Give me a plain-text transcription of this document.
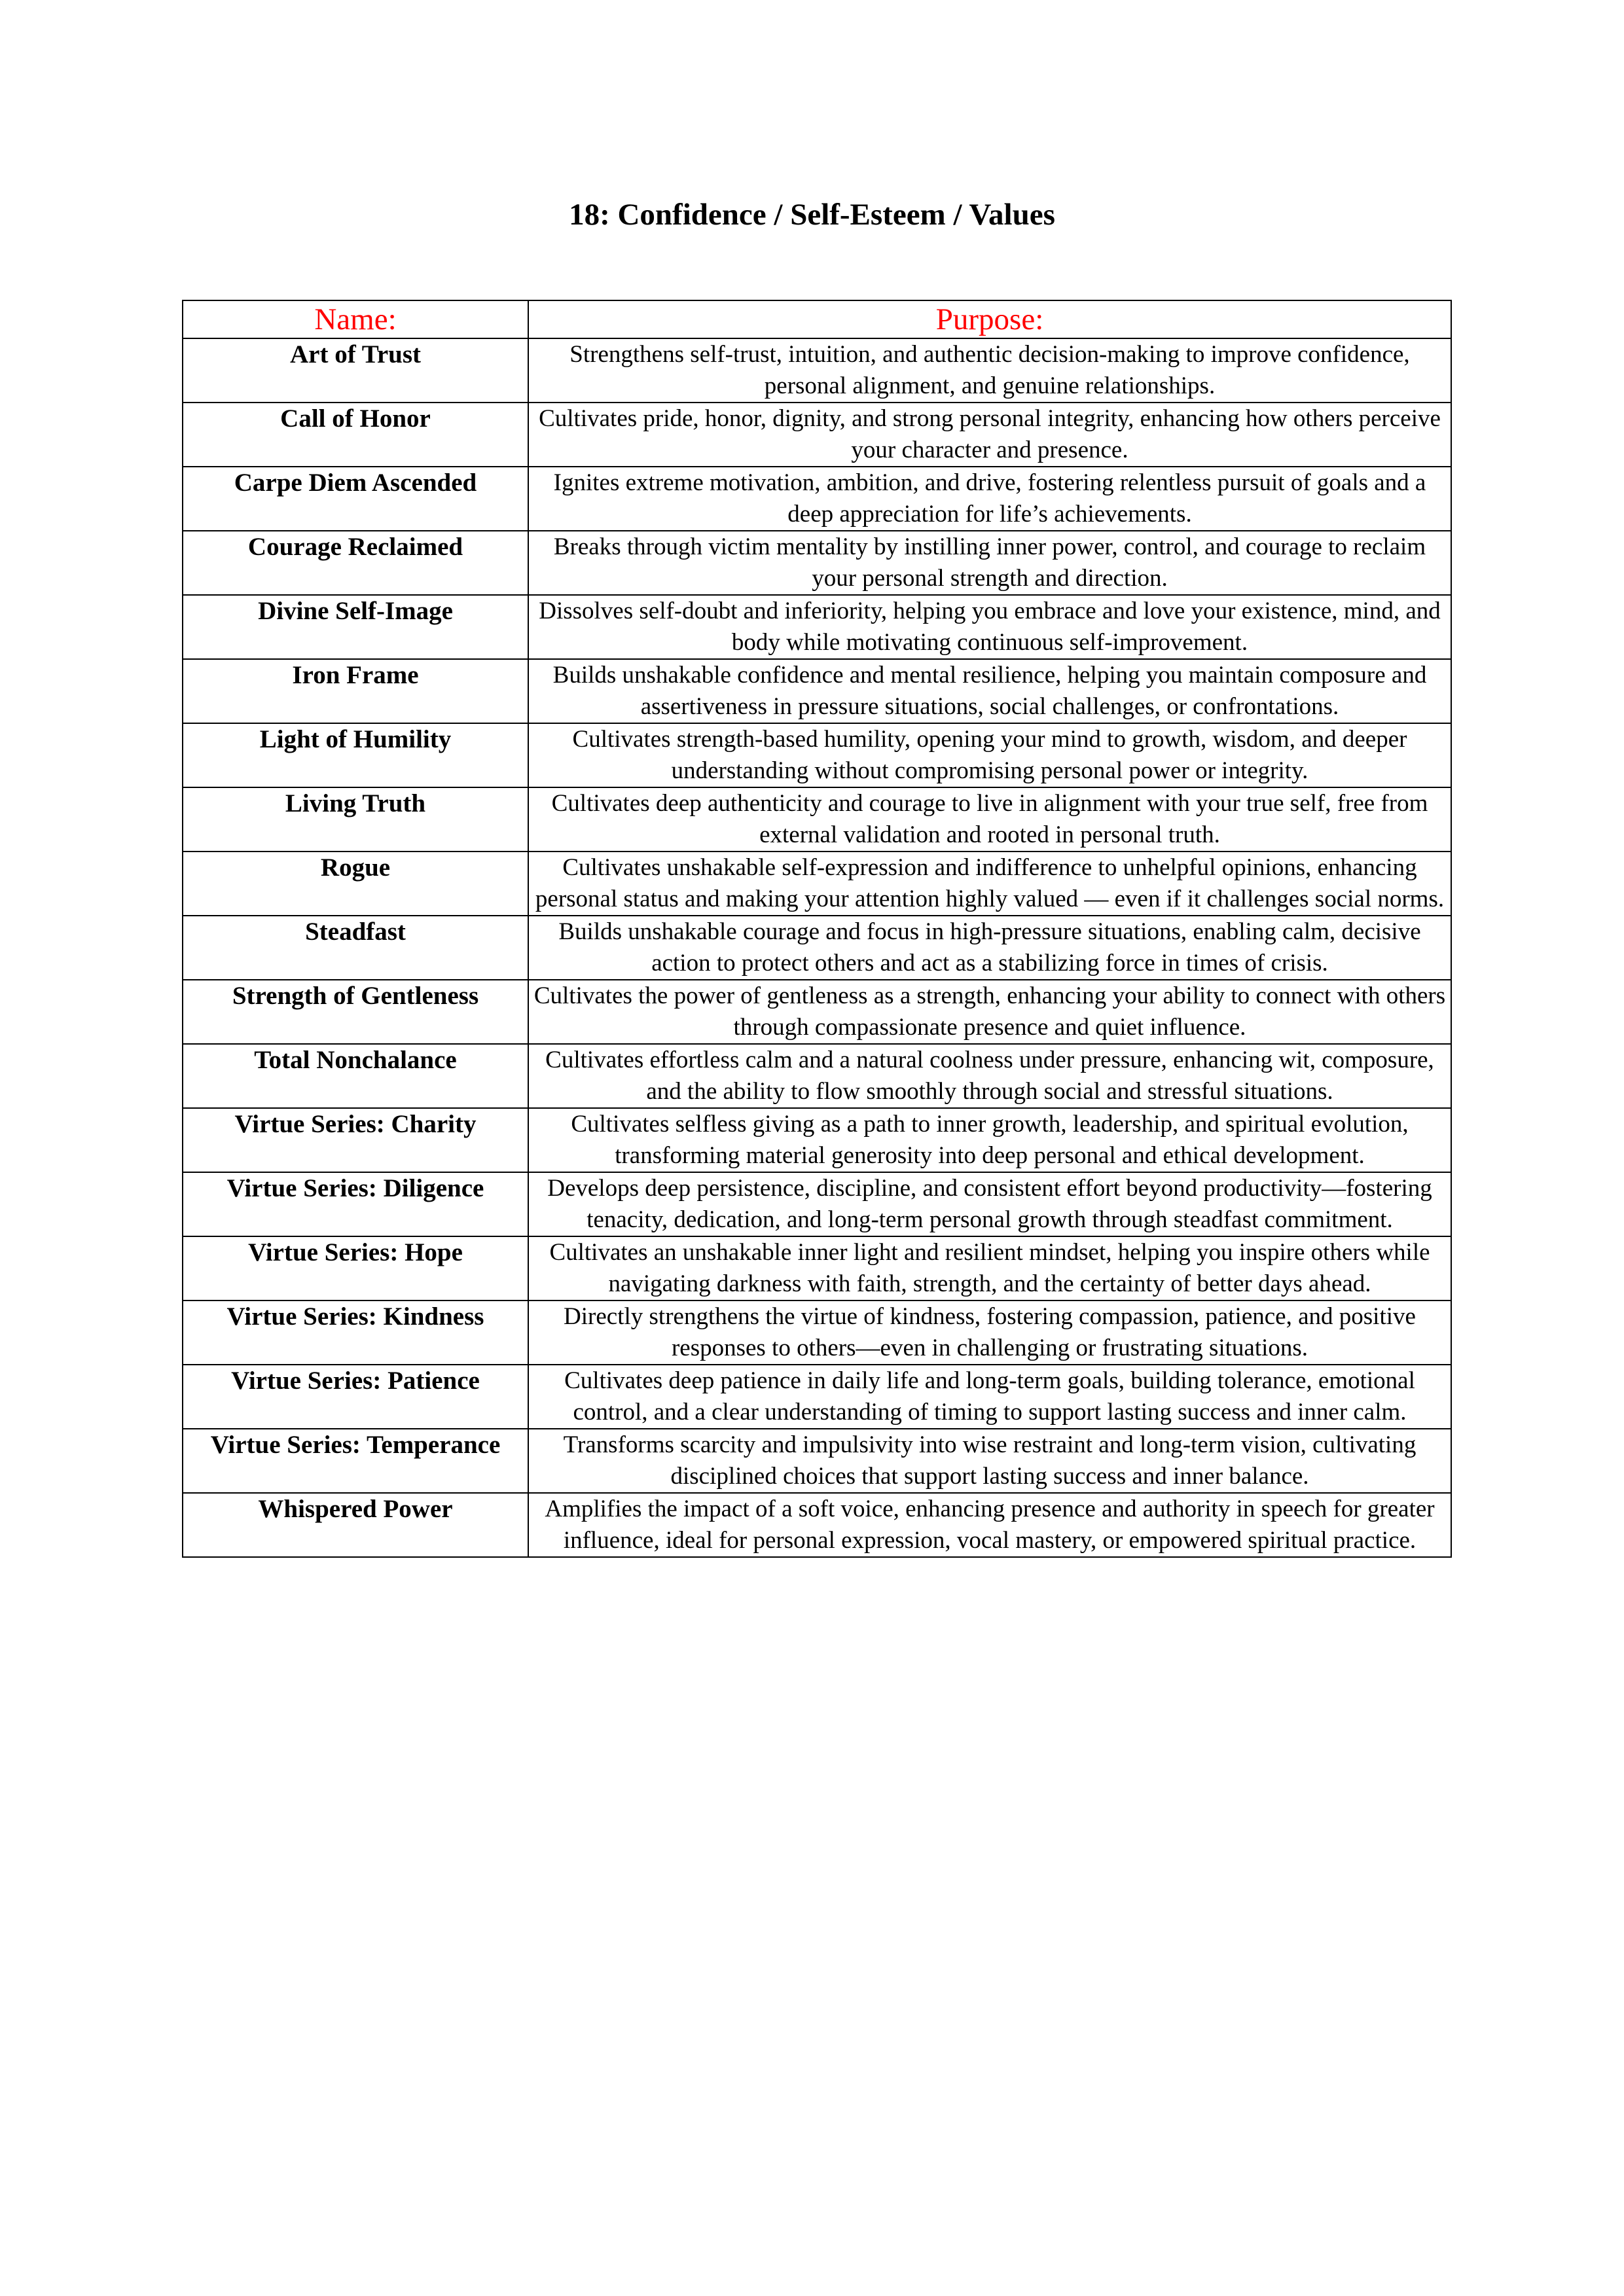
18: Confidence / Self-Esteem / Values
Name:	Purpose:
Art of Trust	Strengthens self-trust, intuition, and authentic decision-making to improve confidence, personal alignment, and genuine relationships.
Call of Honor	Cultivates pride, honor, dignity, and strong personal integrity, enhancing how others perceive your character and presence.
Carpe Diem Ascended	Ignites extreme motivation, ambition, and drive, fostering relentless pursuit of goals and a deep appreciation for life’s achievements.
Courage Reclaimed	Breaks through victim mentality by instilling inner power, control, and courage to reclaim your personal strength and direction.
Divine Self-Image	Dissolves self-doubt and inferiority, helping you embrace and love your existence, mind, and body while motivating continuous self-improvement.
Iron Frame	Builds unshakable confidence and mental resilience, helping you maintain composure and assertiveness in pressure situations, social challenges, or confrontations.
Light of Humility	Cultivates strength-based humility, opening your mind to growth, wisdom, and deeper understanding without compromising personal power or integrity.
Living Truth	Cultivates deep authenticity and courage to live in alignment with your true self, free from external validation and rooted in personal truth.
Rogue	Cultivates unshakable self-expression and indifference to unhelpful opinions, enhancing personal status and making your attention highly valued — even if it challenges social norms.
Steadfast	Builds unshakable courage and focus in high-pressure situations, enabling calm, decisive action to protect others and act as a stabilizing force in times of crisis.
Strength of Gentleness	Cultivates the power of gentleness as a strength, enhancing your ability to connect with others through compassionate presence and quiet influence.
Total Nonchalance	Cultivates effortless calm and a natural coolness under pressure, enhancing wit, composure, and the ability to flow smoothly through social and stressful situations.
Virtue Series: Charity	Cultivates selfless giving as a path to inner growth, leadership, and spiritual evolution, transforming material generosity into deep personal and ethical development.
Virtue Series: Diligence	Develops deep persistence, discipline, and consistent effort beyond productivity—fostering tenacity, dedication, and long-term personal growth through steadfast commitment.
Virtue Series: Hope	Cultivates an unshakable inner light and resilient mindset, helping you inspire others while navigating darkness with faith, strength, and the certainty of better days ahead.
Virtue Series: Kindness	Directly strengthens the virtue of kindness, fostering compassion, patience, and positive responses to others—even in challenging or frustrating situations.
Virtue Series: Patience	Cultivates deep patience in daily life and long-term goals, building tolerance, emotional control, and a clear understanding of timing to support lasting success and inner calm.
Virtue Series: Temperance	Transforms scarcity and impulsivity into wise restraint and long-term vision, cultivating disciplined choices that support lasting success and inner balance.
Whispered Power	Amplifies the impact of a soft voice, enhancing presence and authority in speech for greater influence, ideal for personal expression, vocal mastery, or empowered spiritual practice.
